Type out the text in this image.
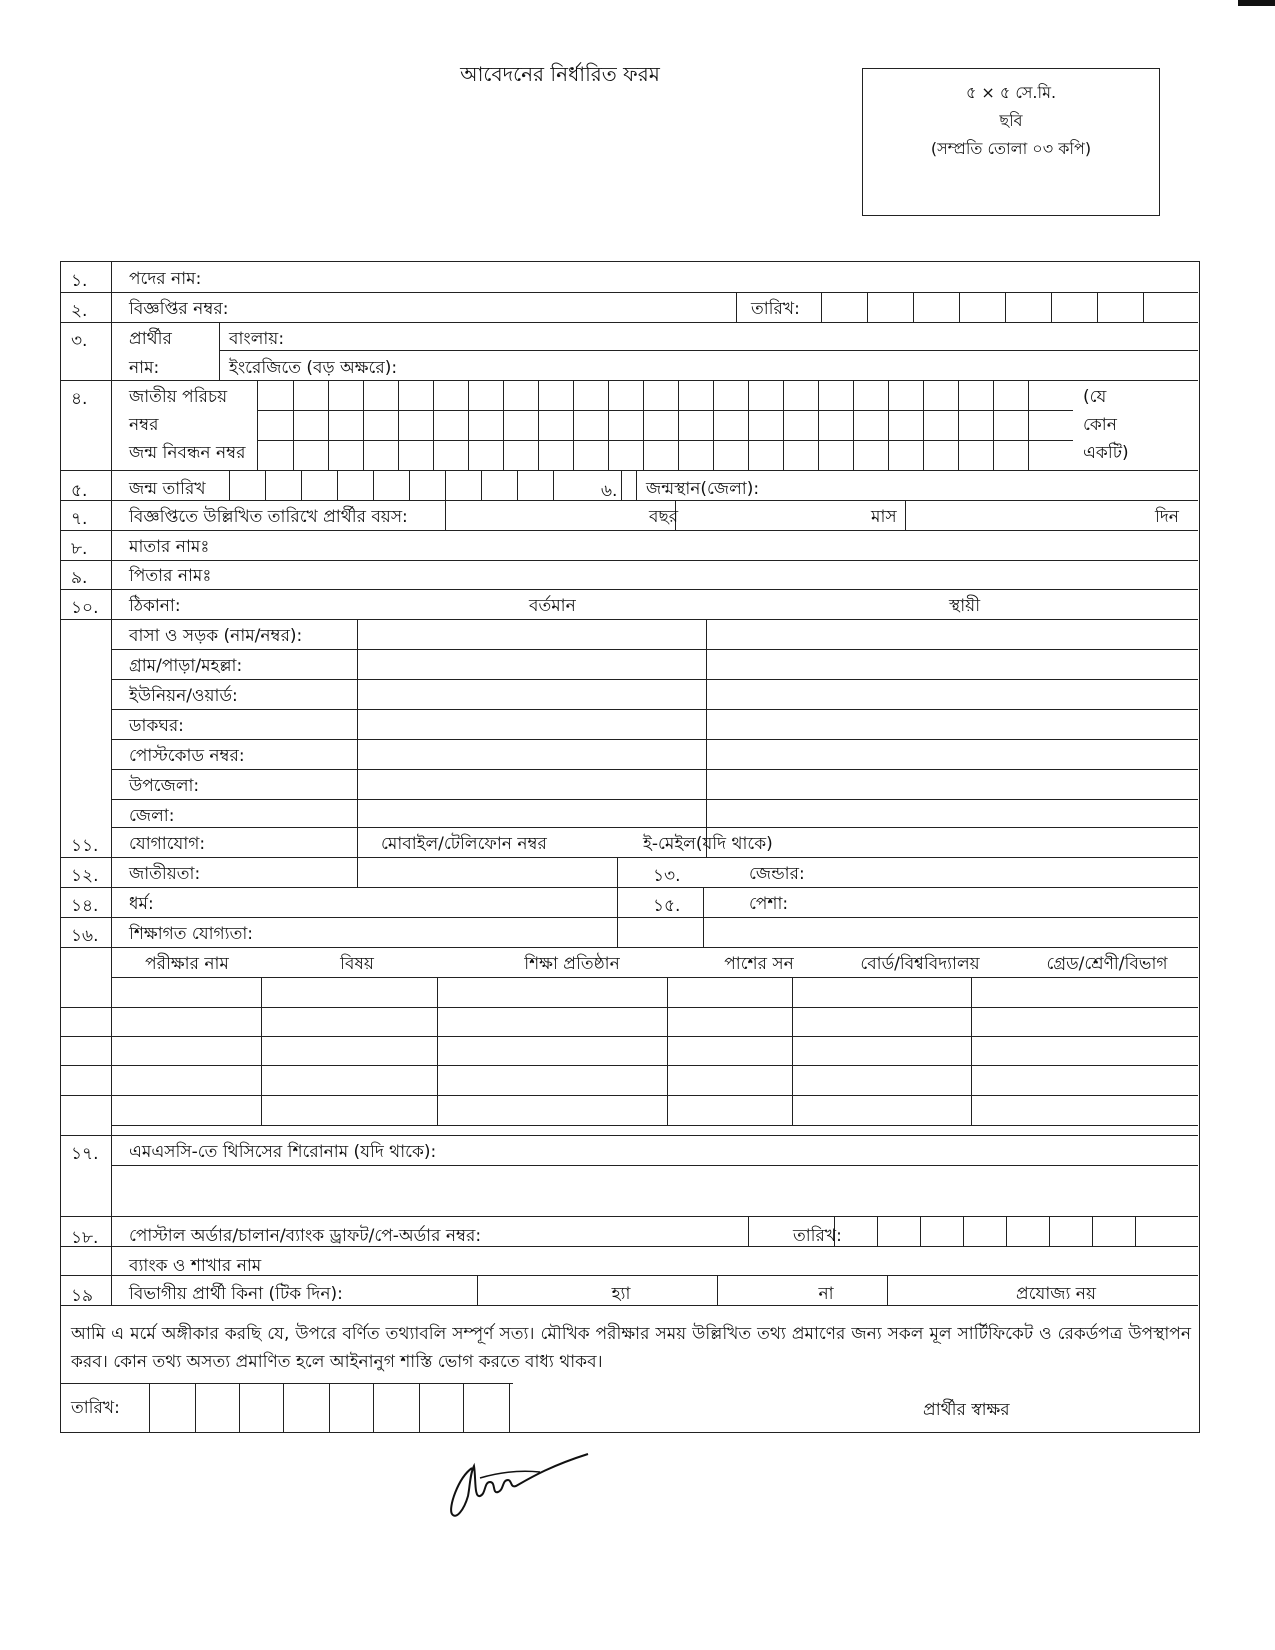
আবেদনের নির্ধারিত ফরম
৫ × ৫ সে.মি.
ছবি
(সম্প্রতি তোলা ০৩ কপি)
১. পদের নাম:
২. বিজ্ঞপ্তির নম্বর:	তারিখ:
৩. প্রার্থীর
নাম:
বাংলায়:
ইংরেজিতে (বড় অক্ষরে):
৪. জাতীয় পরিচয়
নম্বর
জন্ম নিবন্ধন নম্বর
(যে
কোন
একটি)
৫. জন্ম তারিখ	৬. জন্মস্থান(জেলা):
৭. বিজ্ঞপ্তিতে উল্লিখিত তারিখে প্রার্থীর বয়স:	বছর	মাস	দিন
৮. মাতার নামঃ
৯. পিতার নামঃ
১০. ঠিকানা:	বর্তমান	স্থায়ী
বাসা ও সড়ক (নাম/নম্বর):
গ্রাম/পাড়া/মহল্লা:
ইউনিয়ন/ওয়ার্ড:
ডাকঘর:
পোস্টকোড নম্বর:
উপজেলা:
জেলা:
১১. যোগাযোগ:	মোবাইল/টেলিফোন নম্বর	ই-মেইল(যদি থাকে)
১২. জাতীয়তা:	১৩.	জেন্ডার:
১৪. ধর্ম:	১৫.	পেশা:
১৬. শিক্ষাগত যোগ্যতা:
পরীক্ষার নাম	বিষয়	শিক্ষা প্রতিষ্ঠান	পাশের সন	বোর্ড/বিশ্ববিদ্যালয়	গ্রেড/শ্রেণী/বিভাগ
১৭. এমএসসি-তে থিসিসের শিরোনাম (যদি থাকে):
১৮. পোস্টাল অর্ডার/চালান/ব্যাংক ড্রাফট/পে-অর্ডার নম্বর:	তারিখ:
ব্যাংক ও শাখার নাম
১৯ বিভাগীয় প্রার্থী কিনা (টিক দিন):	হ্যা	না	প্রযোজ্য নয়
আমি এ মর্মে অঙ্গীকার করছি যে, উপরে বর্ণিত তথ্যাবলি সম্পূর্ণ সত্য। মৌখিক পরীক্ষার সময় উল্লিখিত তথ্য প্রমাণের জন্য সকল মূল সার্টিফিকেট ও রেকর্ডপত্র উপস্থাপন করব। কোন তথ্য অসত্য প্রমাণিত হলে আইনানুগ শাস্তি ভোগ করতে বাধ্য থাকব।
তারিখ:	প্রার্থীর স্বাক্ষর
